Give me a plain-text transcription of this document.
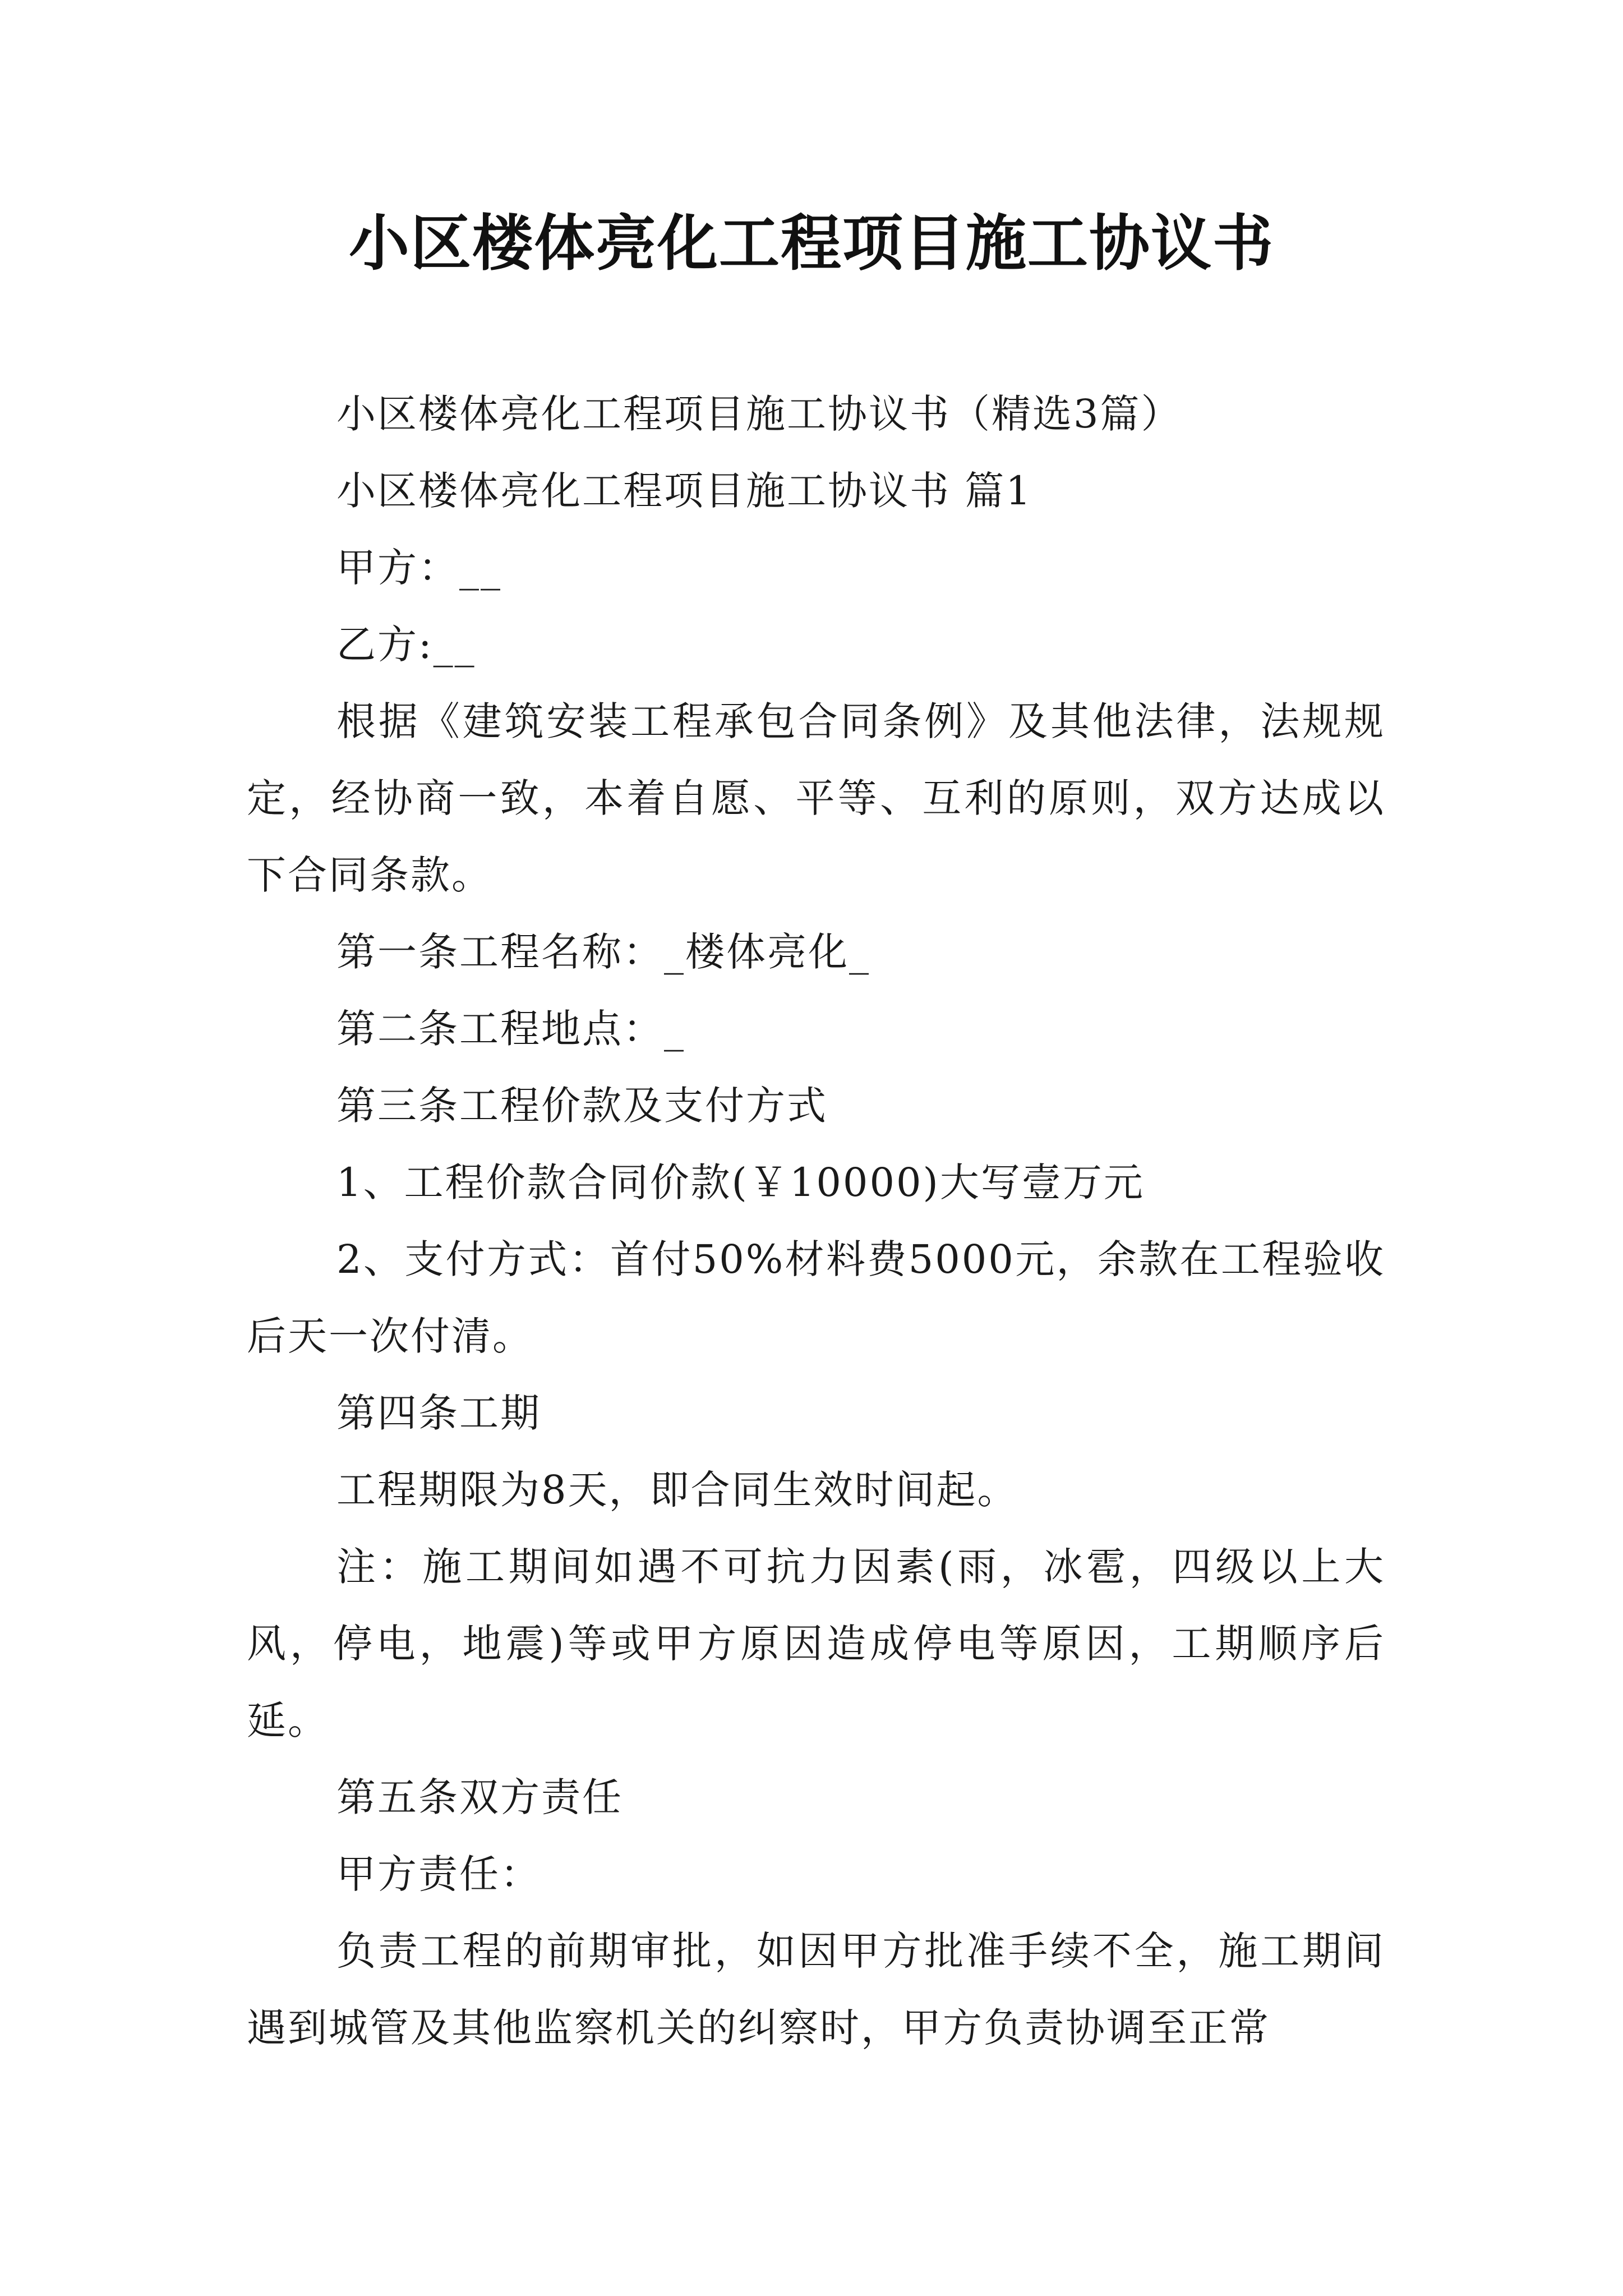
小区楼体亮化工程项目施工协议书

小区楼体亮化工程项目施工协议书（精选3篇）

小区楼体亮化工程项目施工协议书 篇1

甲方：__

乙方:__

根据《建筑安装工程承包合同条例》及其他法律，法规规定，经协商一致，本着自愿、平等、互利的原则，双方达成以下合同条款。

第一条工程名称：_楼体亮化_

第二条工程地点：_

第三条工程价款及支付方式

1、工程价款合同价款(￥10000)大写壹万元

2、支付方式：首付50%材料费5000元，余款在工程验收后天一次付清。

第四条工期

工程期限为8天，即合同生效时间起。

注：施工期间如遇不可抗力因素(雨，冰雹，四级以上大风，停电，地震)等或甲方原因造成停电等原因，工期顺序后延。

第五条双方责任

甲方责任：

负责工程的前期审批，如因甲方批准手续不全，施工期间遇到城管及其他监察机关的纠察时，甲方负责协调至正常
